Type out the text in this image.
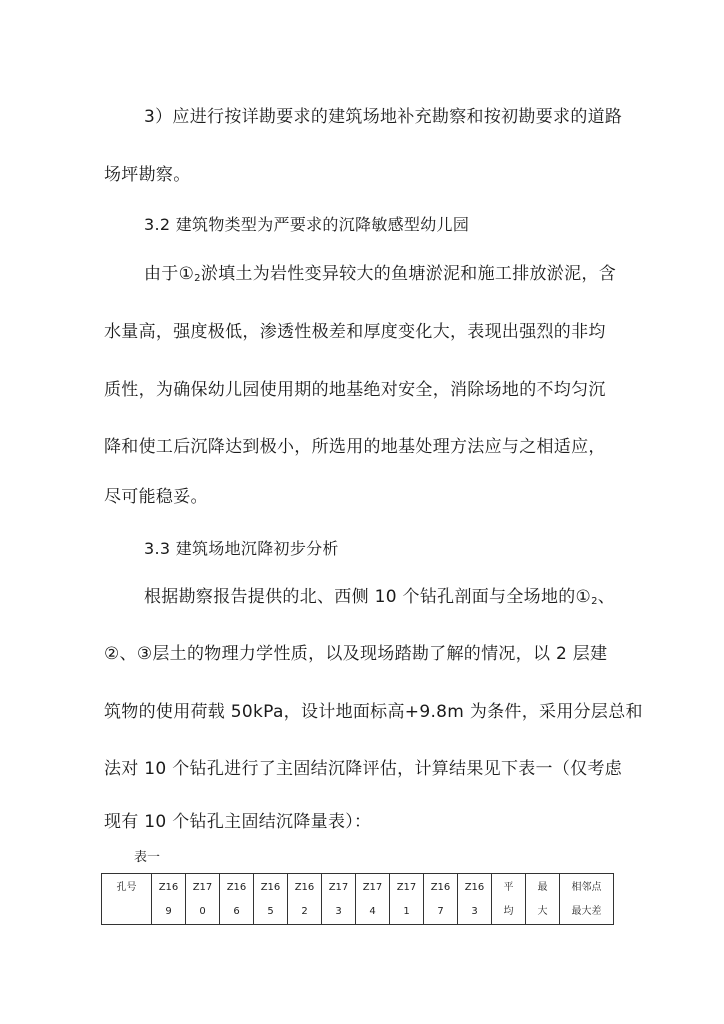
3）应进行按详勘要求的建筑场地补充勘察和按初勘要求的道路
场坪勘察。
3.2 建筑物类型为严要求的沉降敏感型幼儿园
由于$①_2$淤填土为岩性变异较大的鱼塘淤泥和施工排放淤泥，含
水量高，强度极低，渗透性极差和厚度变化大，表现出强烈的非均
质性，为确保幼儿园使用期的地基绝对安全，消除场地的不均匀沉
降和使工后沉降达到极小，所选用的地基处理方法应与之相适应，
尽可能稳妥。
3.3 建筑场地沉降初步分析
根据勘察报告提供的北、西侧 10 个钻孔剖面与全场地的$①_2$、
②、③层土的物理力学性质，以及现场踏勘了解的情况，以 2 层建
筑物的使用荷载 50kPa，设计地面标高+9.8m 为条件，采用分层总和
法对 10 个钻孔进行了主固结沉降评估，计算结果见下表一（仅考虑
现有 10 个钻孔主固结沉降量表）：
表一
孔号	Z16	Z17	Z16	Z16	Z16	Z17	Z17	Z17	Z16	Z16	平	最	相邻点
	9	0	6	5	2	3	4	1	7	3	均	大	最大差
